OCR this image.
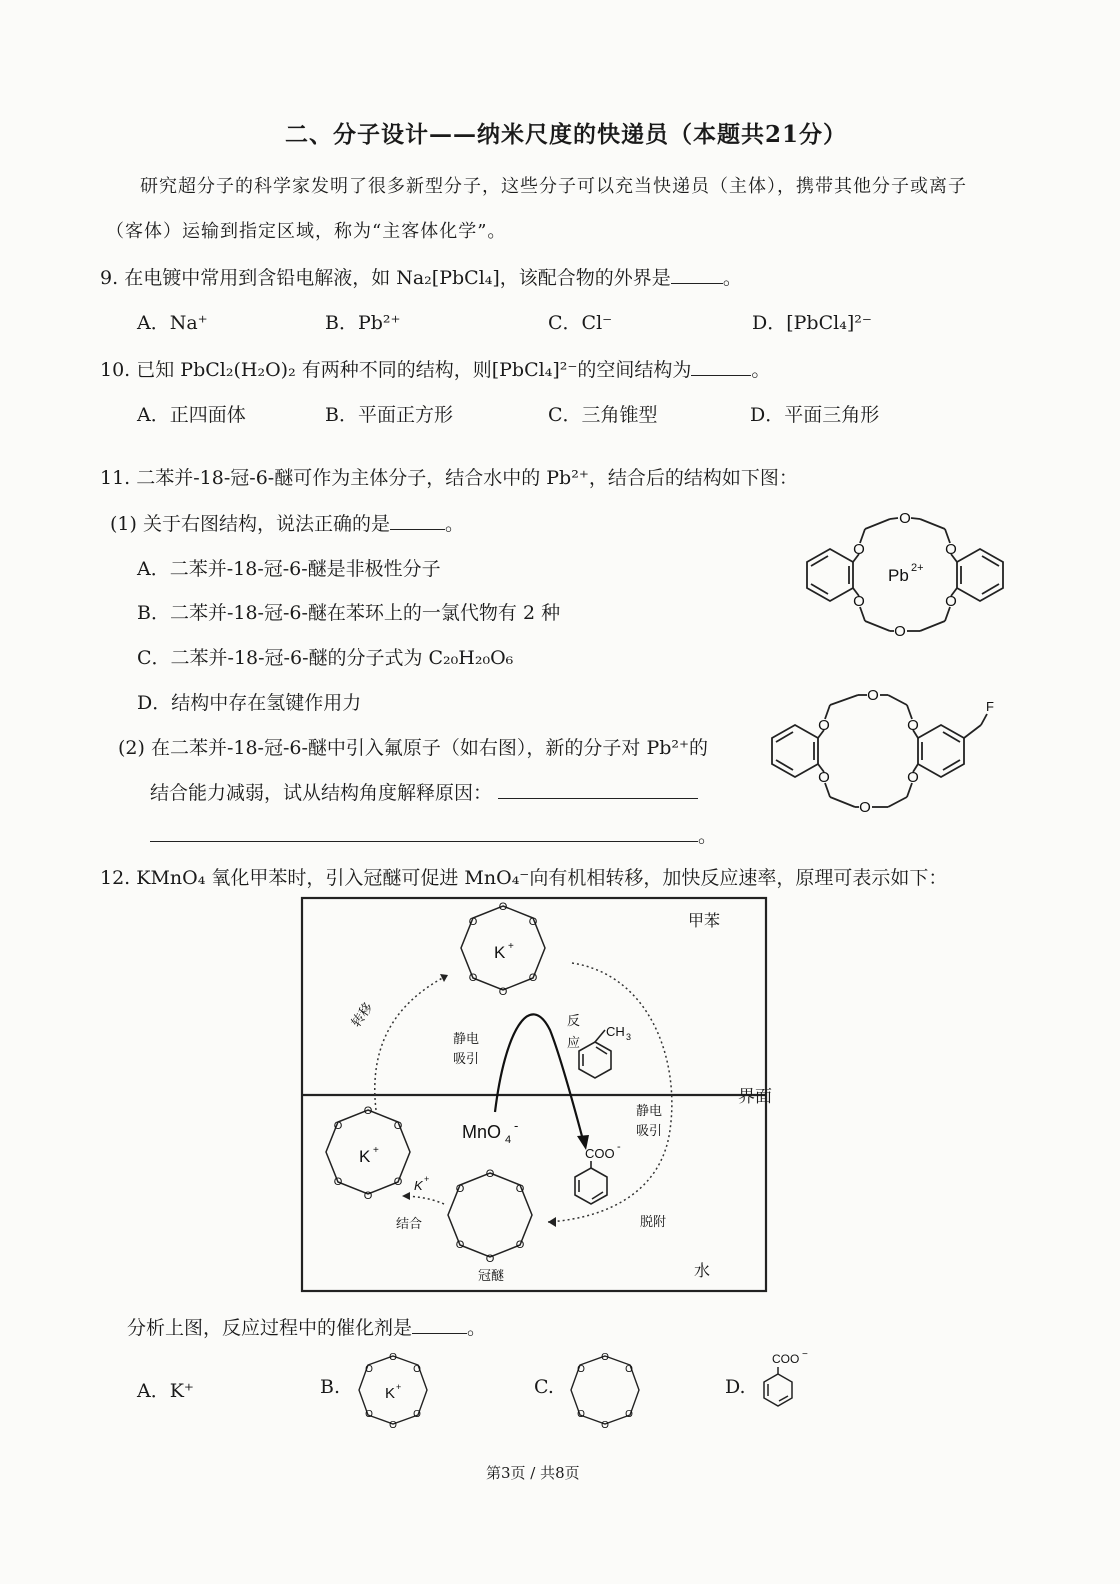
二、分子设计——纳米尺度的快递员（本题共21分）
研究超分子的科学家发明了很多新型分子，这些分子可以充当快递员（主体），携带其他分子或离子
（客体）运输到指定区域，称为“主客体化学”。
9. 在电镀中常用到含铅电解液，如 Na₂[PbCl₄]，该配合物的外界是	。
A．Na⁺	B．Pb²⁺	C．Cl⁻	D．[PbCl₄]²⁻
10. 已知 PbCl₂(H₂O)₂ 有两种不同的结构，则[PbCl₄]²⁻的空间结构为	。
A．正四面体	B．平面正方形	C．三角锥型	D．平面三角形
11. 二苯并-18-冠-6-醚可作为主体分子，结合水中的 Pb²⁺，结合后的结构如下图：
(1) 关于右图结构，说法正确的是	。
A．二苯并-18-冠-6-醚是非极性分子
B．二苯并-18-冠-6-醚在苯环上的一氯代物有 2 种
C．二苯并-18-冠-6-醚的分子式为 C₂₀H₂₀O₆
D．结构中存在氢键作用力
(2) 在二苯并-18-冠-6-醚中引入氟原子（如右图），新的分子对 Pb²⁺的
结合能力减弱，试从结构角度解释原因：
。
O
O
O
O
O
O
Pb 2+
O
O
O
O
O
O
F
12. KMnO₄ 氧化甲苯时，引入冠醚可促进 MnO₄⁻向有机相转移，加快反应速率，原理可表示如下：
甲苯
水
O
O	O
O	O
O
K +
O
O	O
O	O
O
K +
O
O	O
O	O
O
冠醚
转移
K +
结合	脱附
静电
吸引
反
应
静电
吸引
CH 3
MnO 4
-
COO -
界面
分析上图，反应过程中的催化剂是	。
A．K⁺	B.
O
O	O
O	O
O
K +	C.
O
O	O
O	O
O
D.
COO −
第3页 / 共8页
